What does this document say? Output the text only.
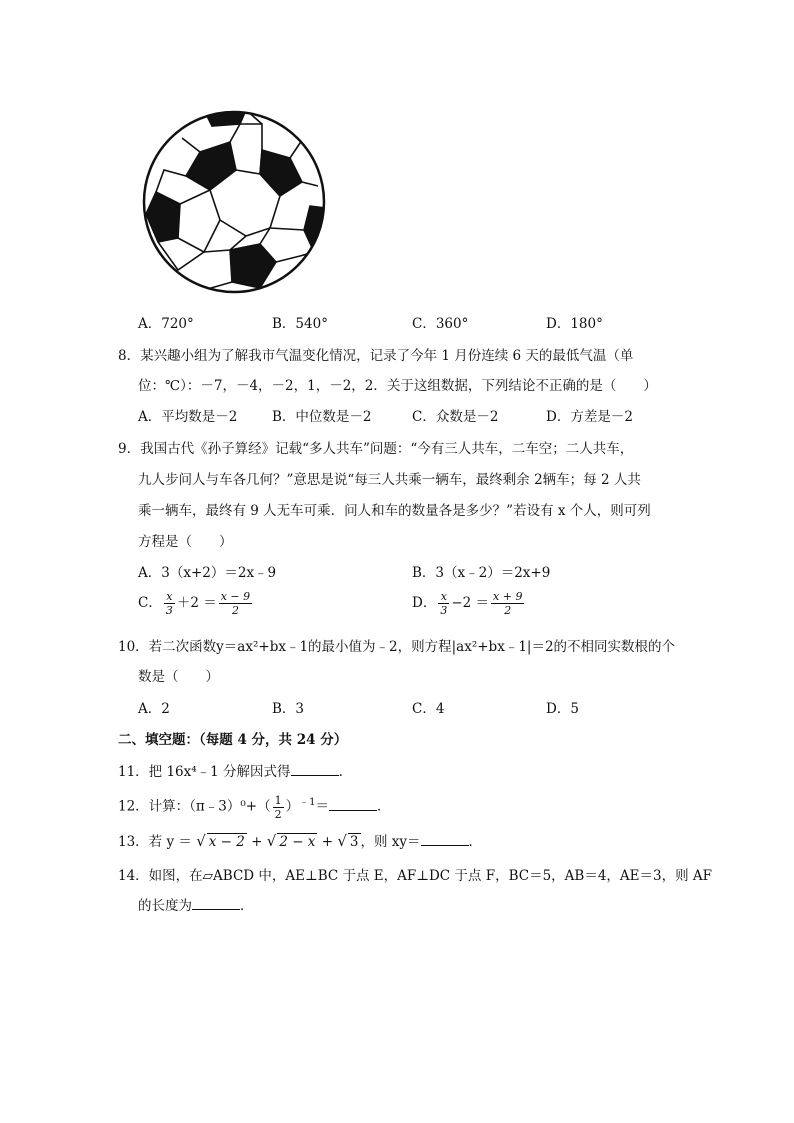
A．720°	B．540°	C．360°	D．180°
8．某兴趣小组为了解我市气温变化情况，记录了今年 1 月份连续 6 天的最低气温（单
位：℃）：－7，－4，－2，1，－2，2．关于这组数据，下列结论不正确的是（　　）
A．平均数是－2	B．中位数是－2	C．众数是－2	D．方差是－2
9．我国古代《孙子算经》记载“多人共车”问题：“今有三人共车，二车空；二人共车，
九人步问人与车各几何？”意思是说“每三人共乘一辆车，最终剩余 2辆车；每 2 人共
乘一辆车，最终有 9 人无车可乘．问人和车的数量各是多少？”若设有 x 个人，则可列
方程是（　　）
A．3（x+2）＝2x﹣9	B．3（x﹣2）＝2x+9
C． $\frac{x}{3} +2 = \frac{x - 9}{2}$	D． $\frac{x}{3} -2 = \frac{x + 9}{2}$
10．若二次函数y＝ax²+bx﹣1的最小值为﹣2，则方程|ax²+bx﹣1|＝2的不相同实数根的个
数是（　　）
A．2	B．3	C．4	D．5
二、填空题：（每题 4 分，共 24 分）
11．把 16x⁴﹣1 分解因式得	．
12．计算：（π﹣3）⁰+（ $\frac{1}{2} )^{﹣1}=$	．
13．若 y ＝ √ x − 2 + √ 2 − x + √ 3 ，则 xy＝	．
14．如图，在▱ABCD 中，AE⊥BC 于点 E，AF⊥DC 于点 F，BC＝5，AB＝4，AE＝3，则 AF
的长度为	．
